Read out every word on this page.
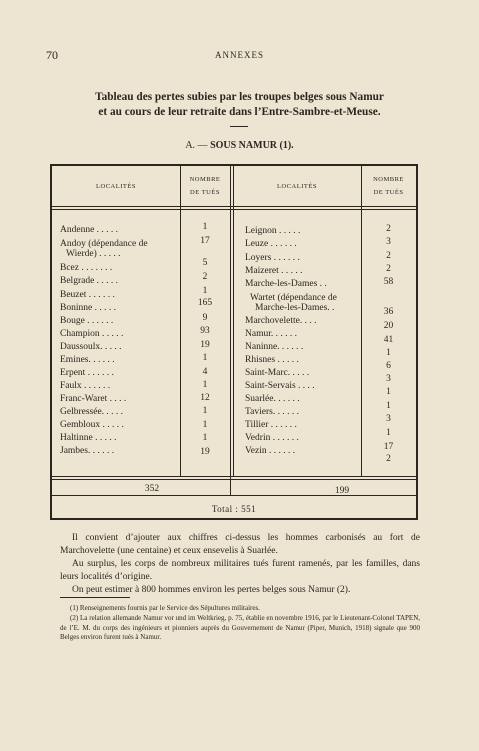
70	ANNEXES
Tableau des pertes subies par les troupes belges sous Namur
et au cours de leur retraite dans l’Entre-Sambre-et-Meuse.
A. — SOUS NAMUR (1).
LOCALITÉS
NOMBRE
DE TUÉS
LOCALITÉS
NOMBRE
DE TUÉS
Andenne . . . . .
Andoy (dépendance de
Wierde) . . . . .
Bcez . . . . . . .
Belgrade . . . . .
Beuzet . . . . . .
Boninne . . . . .
Bouge . . . . . .
Champion . . . . .
Daussoulx. . . . .
Emines. . . . . .
Erpent . . . . . .
Faulx . . . . . .
Franc-Waret . . . .
Gelbressée. . . . .
Gembloux . . . . .
Haltinne . . . . .
Jambes. . . . . .
1
17
5
2
1
165
9
93
19
1
4
1
12
1
1
1
19
Leignon . . . . .
Leuze . . . . . .
Loyers . . . . . .
Maizeret . . . . .
Marche-les-Dames . .
Wartet (dépendance de
Marche-les-Dames. .
Marchovelette. . . .
Namur. . . . . .
Naninne. . . . . .
Rhisnes . . . . .
Saint-Marc. . . . .
Saint-Servais . . . .
Suarlée. . . . . .
Taviers. . . . . .
Tillier . . . . . .
Vedrin . . . . . .
Vezin . . . . . .
2
3
2
2
58
36
20
41
1
6
3
1
1
3
1
17
2
352	199
Total : 551
Il convient d’ajouter aux chiffres ci-dessus les hommes carbonisés au fort de Marchovelette (une centaine) et ceux ensevelis à Suarlée.
Au surplus, les corps de nombreux militaires tués furent ramenés, par les familles, dans leurs localités d’origine.
On peut estimer à 800 hommes environ les pertes belges sous Namur (2).
(1) Renseignements fournis par le Service des Sépultures militaires.
(2) La relation allemande Namur vor und im Weltkrieg, p. 75, établie en novembre 1916, par le Lieutenant-Colonel TAPEN, de l’E. M. du corps des ingénieurs et pionniers auprès du Gouvernement de Namur (Piper, Munich, 1918) signale que 900 Belges environ furent tués à Namur.
